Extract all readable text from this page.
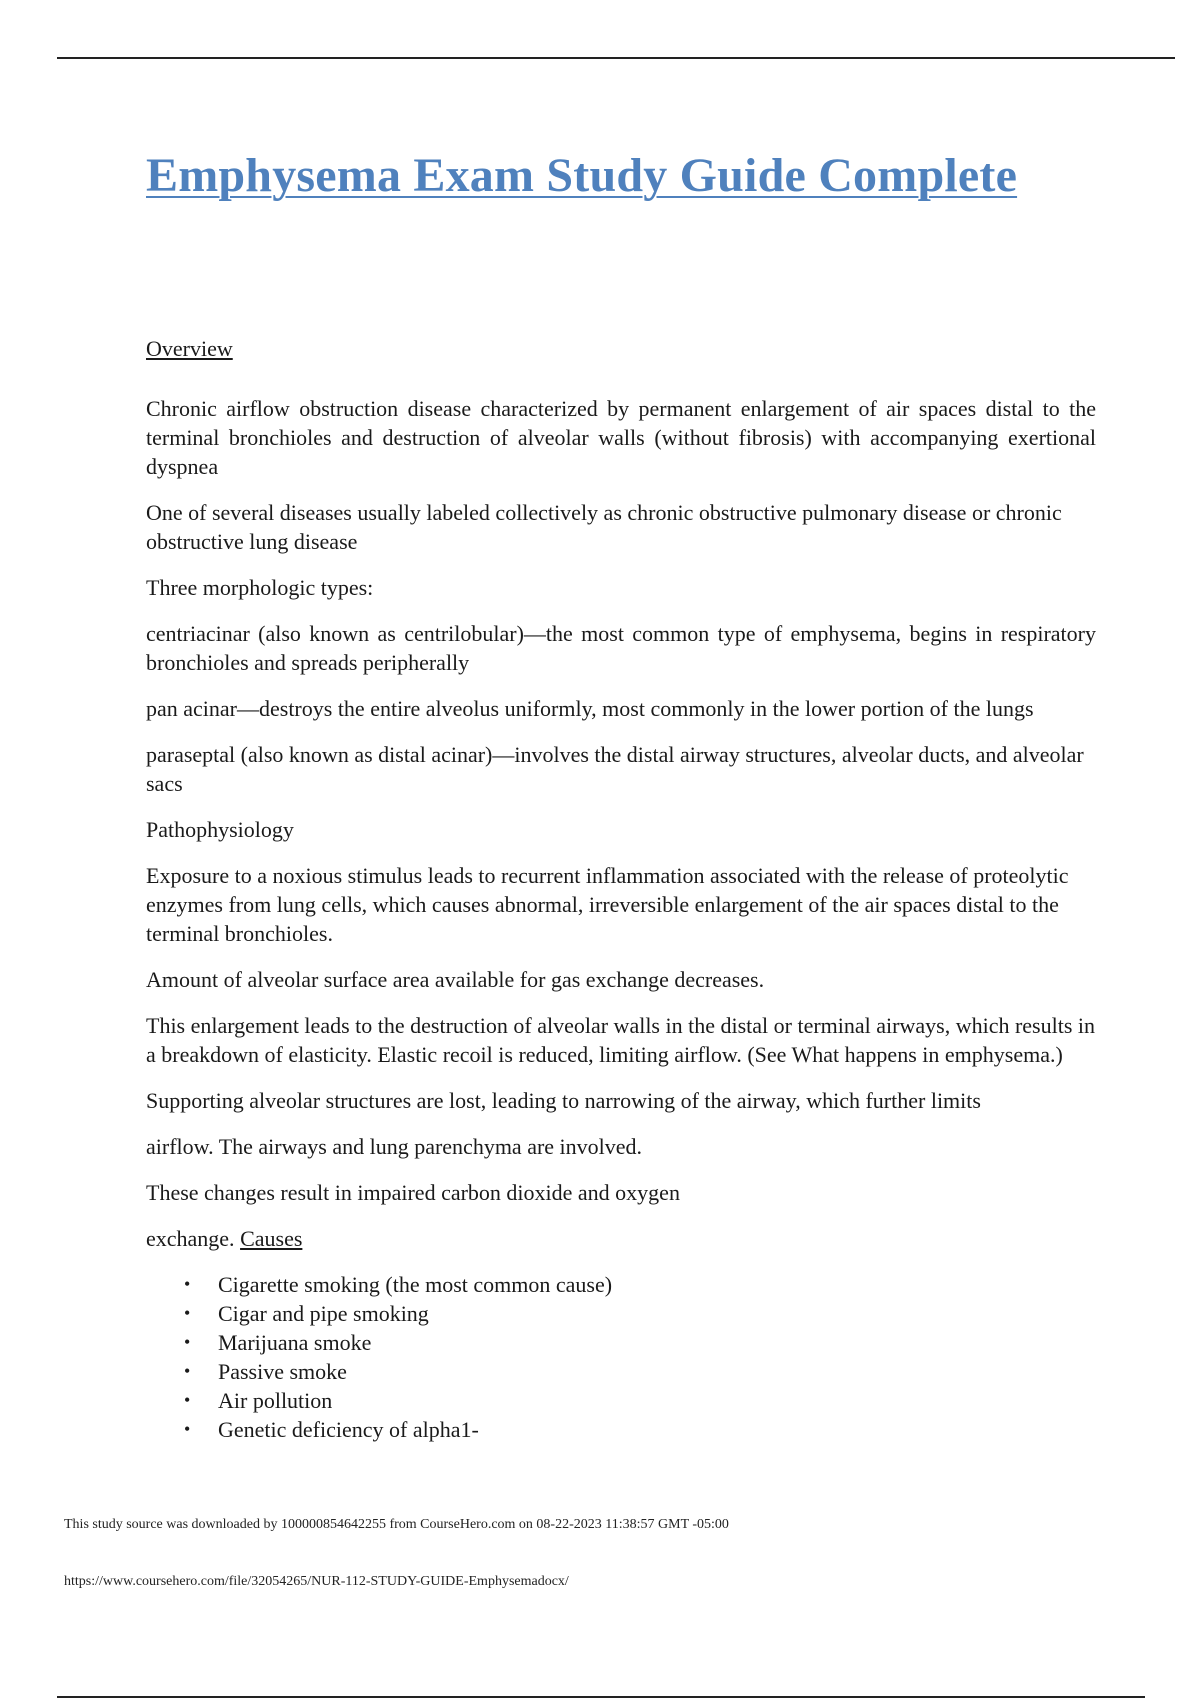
Emphysema Exam Study Guide Complete

Overview

Chronic airflow obstruction disease characterized by permanent enlargement of air spaces distal to the terminal bronchioles and destruction of alveolar walls (without fibrosis) with accompanying exertional dyspnea

One of several diseases usually labeled collectively as chronic obstructive pulmonary disease or chronic obstructive lung disease

Three morphologic types:

centriacinar (also known as centrilobular)—the most common type of emphysema, begins in respiratory bronchioles and spreads peripherally

pan acinar—destroys the entire alveolus uniformly, most commonly in the lower portion of the lungs

paraseptal (also known as distal acinar)—involves the distal airway structures, alveolar ducts, and alveolar sacs

Pathophysiology

Exposure to a noxious stimulus leads to recurrent inflammation associated with the release of proteolytic enzymes from lung cells, which causes abnormal, irreversible enlargement of the air spaces distal to the terminal bronchioles.

Amount of alveolar surface area available for gas exchange decreases.

This enlargement leads to the destruction of alveolar walls in the distal or terminal airways, which results in a breakdown of elasticity. Elastic recoil is reduced, limiting airflow. (See What happens in emphysema.)

Supporting alveolar structures are lost, leading to narrowing of the airway, which further limits

airflow. The airways and lung parenchyma are involved.

These changes result in impaired carbon dioxide and oxygen

exchange. Causes

• Cigarette smoking (the most common cause)
• Cigar and pipe smoking
• Marijuana smoke
• Passive smoke
• Air pollution
• Genetic deficiency of alpha1-
This study source was downloaded by 100000854642255 from CourseHero.com on 08-22-2023 11:38:57 GMT -05:00
https://www.coursehero.com/file/32054265/NUR-112-STUDY-GUIDE-Emphysemadocx/
